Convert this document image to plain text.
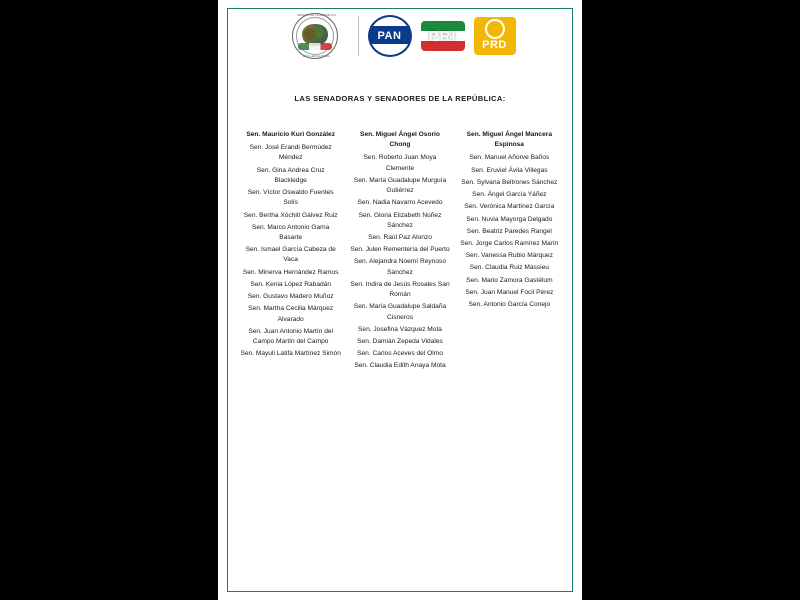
SENADO DE LA REPÚBLICA
LXIV LEGISLATURA
PAN PRI
PRD
LAS SENADORAS Y SENADORES DE LA REPÚBLICA:
Sen. Mauricio Kuri González
Sen. José Erandi Bermúdez Méndez
Sen. Gina Andrea Cruz Blackledge
Sen. Víctor Oswaldo Fuentes Solís
Sen. Bertha Xóchitl Gálvez Ruiz
Sen. Marco Antonio Gama Basarte
Sen. Ismael García Cabeza de Vaca
Sen. Minerva Hernández Ramos
Sen. Kenia López Rabadán
Sen. Gustavo Madero Muñoz
Sen. Martha Cecilia Márquez Alvarado
Sen. Juan Antonio Martín del Campo Martín del Campo
Sen. Mayuli Latifa Martínez Simón
Sen. Miguel Ángel Osorio Chong
Sen. Roberto Juan Moya Clemente
Sen. María Guadalupe Murguía Gutiérrez
Sen. Nadia Navarro Acevedo
Sen. Gloria Elizabeth Núñez Sánchez
Sen. Raúl Paz Alonzo
Sen. Julen Rementería del Puerto
Sen. Alejandra Noemí Reynoso Sánchez
Sen. Indira de Jesús Rosales San Román
Sen. María Guadalupe Saldaña Cisneros
Sen. Josefina Vázquez Mota
Sen. Damián Zepeda Vidales
Sen. Carlos Aceves del Olmo
Sen. Claudia Edith Anaya Mota
Sen. Miguel Ángel Mancera Espinosa
Sen. Manuel Añorve Baños
Sen. Eruviel Ávila Villegas
Sen. Sylvana Beltrones Sánchez
Sen. Ángel García Yáñez
Sen. Verónica Martínez García
Sen. Nuvia Mayorga Delgado
Sen. Beatriz Paredes Rangel
Sen. Jorge Carlos Ramírez Marín
Sen. Vanessa Rubio Márquez
Sen. Claudia Ruiz Massieu
Sen. Mario Zamora Gastélum
Sen. Juan Manuel Fócil Pérez
Sen. Antonio García Conejo
